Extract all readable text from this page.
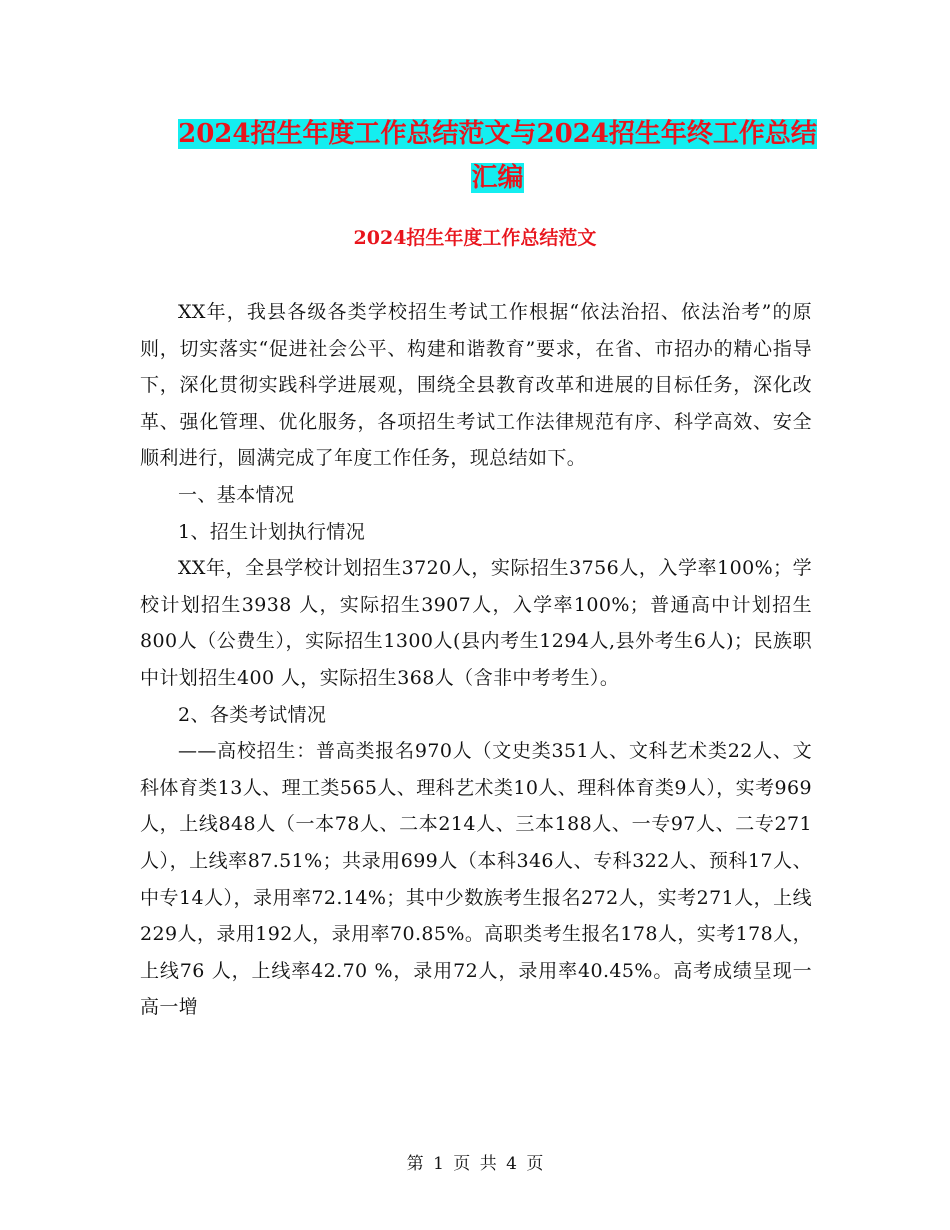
2024招生年度工作总结范文与2024招生年终工作总结
汇编
2024招生年度工作总结范文

XX年，我县各级各类学校招生考试工作根据“依法治招、依法治考”的原则，切实落实“促进社会公平、构建和谐教育”要求，在省、市招办的精心指导下，深化贯彻实践科学进展观，围绕全县教育改革和进展的目标任务，深化改革、强化管理、优化服务，各项招生考试工作法律规范有序、科学高效、安全顺利进行，圆满完成了年度工作任务，现总结如下。

一、基本情况

1、招生计划执行情况

XX年，全县学校计划招生3720人，实际招生3756人，入学率100%；学校计划招生3938 人，实际招生3907人，入学率100%；普通高中计划招生800人（公费生），实际招生1300人(县内考生1294人,县外考生6人)；民族职中计划招生400 人，实际招生368人（含非中考考生）。

2、各类考试情况

——高校招生：普高类报名970人（文史类351人、文科艺术类22人、文科体育类13人、理工类565人、理科艺术类10人、理科体育类9人），实考969人，上线848人（一本78人、二本214人、三本188人、一专97人、二专271人），上线率87.51%；共录用699人（本科346人、专科322人、预科17人、中专14人），录用率72.14%；其中少数族考生报名272人，实考271人，上线229人，录用192人，录用率70.85%。高职类考生报名178人，实考178人，上线76 人，上线率42.70 %，录用72人，录用率40.45%。高考成绩呈现一高一增

第 1 页 共 4 页
